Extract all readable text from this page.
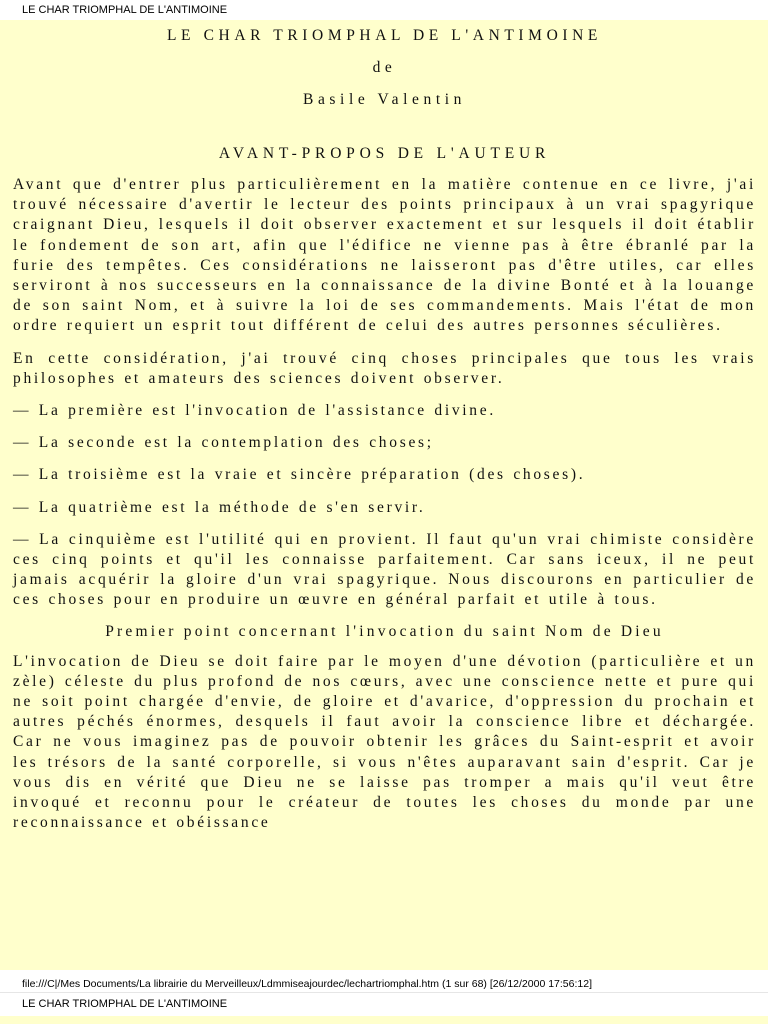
LE CHAR TRIOMPHAL DE L'ANTIMOINE
LE CHAR TRIOMPHAL DE L'ANTIMOINE
de
Basile Valentin
AVANT-PROPOS DE L'AUTEUR

Avant que d'entrer plus particulièrement en la matière contenue en ce livre, j'ai trouvé nécessaire d'avertir le lecteur des points principaux à un vrai spagyrique craignant Dieu, lesquels il doit observer exactement et sur lesquels il doit établir le fondement de son art, afin que l'édifice ne vienne pas à être ébranlé par la furie des tempêtes. Ces considérations ne laisseront pas d'être utiles, car elles serviront à nos successeurs en la connaissance de la divine Bonté et à la louange de son saint Nom, et à suivre la loi de ses commandements. Mais l'état de mon ordre requiert un esprit tout différent de celui des autres personnes séculières.

En cette considération, j'ai trouvé cinq choses principales que tous les vrais philosophes et amateurs des sciences doivent observer.

— La première est l'invocation de l'assistance divine.

— La seconde est la contemplation des choses;

— La troisième est la vraie et sincère préparation (des choses).

— La quatrième est la méthode de s'en servir.

— La cinquième est l'utilité qui en provient. Il faut qu'un vrai chimiste considère ces cinq points et qu'il les connaisse parfaitement. Car sans iceux, il ne peut jamais acquérir la gloire d'un vrai spagyrique. Nous discourons en particulier de ces choses pour en produire un œuvre en général parfait et utile à tous.

Premier point concernant l'invocation du saint Nom de Dieu

L'invocation de Dieu se doit faire par le moyen d'une dévotion (particulière et un zèle) céleste du plus profond de nos cœurs, avec une conscience nette et pure qui ne soit point chargée d'envie, de gloire et d'avarice, d'oppression du prochain et autres péchés énormes, desquels il faut avoir la conscience libre et déchargée. Car ne vous imaginez pas de pouvoir obtenir les grâces du Saint-esprit et avoir les trésors de la santé corporelle, si vous n'êtes auparavant sain d'esprit. Car je vous dis en vérité que Dieu ne se laisse pas tromper a mais qu'il veut être invoqué et reconnu pour le créateur de toutes les choses du monde par une reconnaissance et obéissance

file:///C|/Mes Documents/La librairie du Merveilleux/Ldmmiseajourdec/lechartriomphal.htm (1 sur 68) [26/12/2000 17:56:12]
LE CHAR TRIOMPHAL DE L'ANTIMOINE
